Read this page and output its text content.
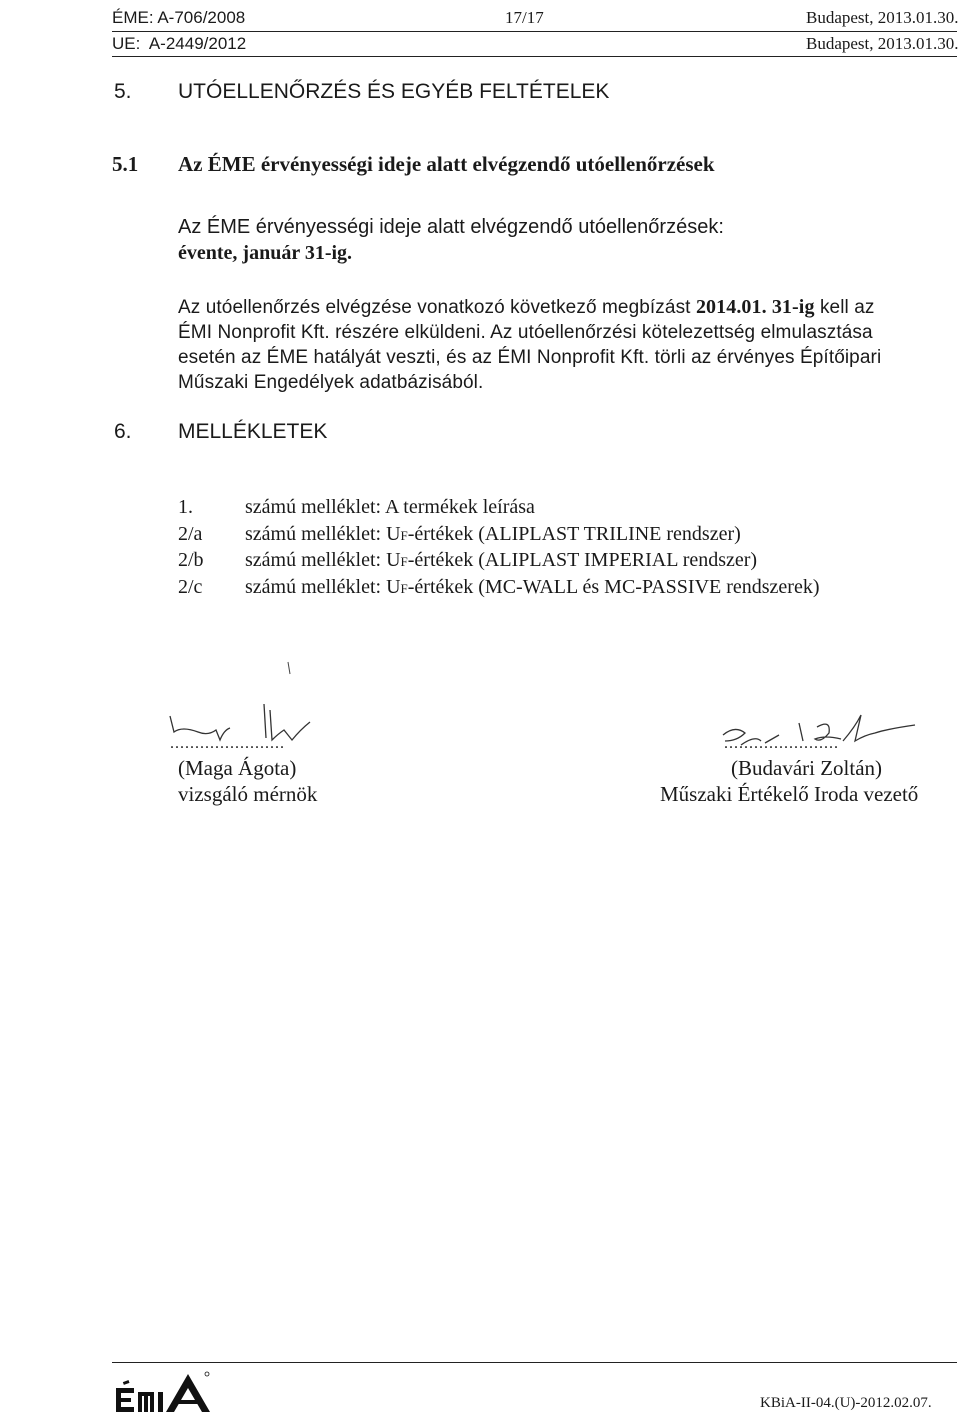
ÉME: A-706/2008	17/17	Budapest, 2013.01.30.
UE:  A-2449/2012	Budapest, 2013.01.30.
5. UTÓELLENŐRZÉS ÉS EGYÉB FELTÉTELEK
5.1 Az ÉME érvényességi ideje alatt elvégzendő utóellenőrzések
Az ÉME érvényességi ideje alatt elvégzendő utóellenőrzések:
évente, január 31-ig.
Az utóellenőrzés elvégzése vonatkozó következő megbízást 2014.01. 31-ig kell az
ÉMI Nonprofit Kft. részére elküldeni. Az utóellenőrzési kötelezettség elmulasztása
esetén az ÉME hatályát veszti, és az ÉMI Nonprofit Kft. törli az érvényes Építőipari
Műszaki Engedélyek adatbázisából.
6. MELLÉKLETEK
1.	számú melléklet: A termékek leírása
2/a számú melléklet: UF-értékek (ALIPLAST TRILINE rendszer)
2/b számú melléklet: UF-értékek (ALIPLAST IMPERIAL rendszer)
2/c számú melléklet: UF-értékek (MC-WALL és MC-PASSIVE rendszerek)
.......................
(Maga Ágota)
vizsgáló mérnök
.......................
(Budavári Zoltán)
Műszaki Értékelő Iroda vezető
KBiA-II-04.(U)-2012.02.07.
